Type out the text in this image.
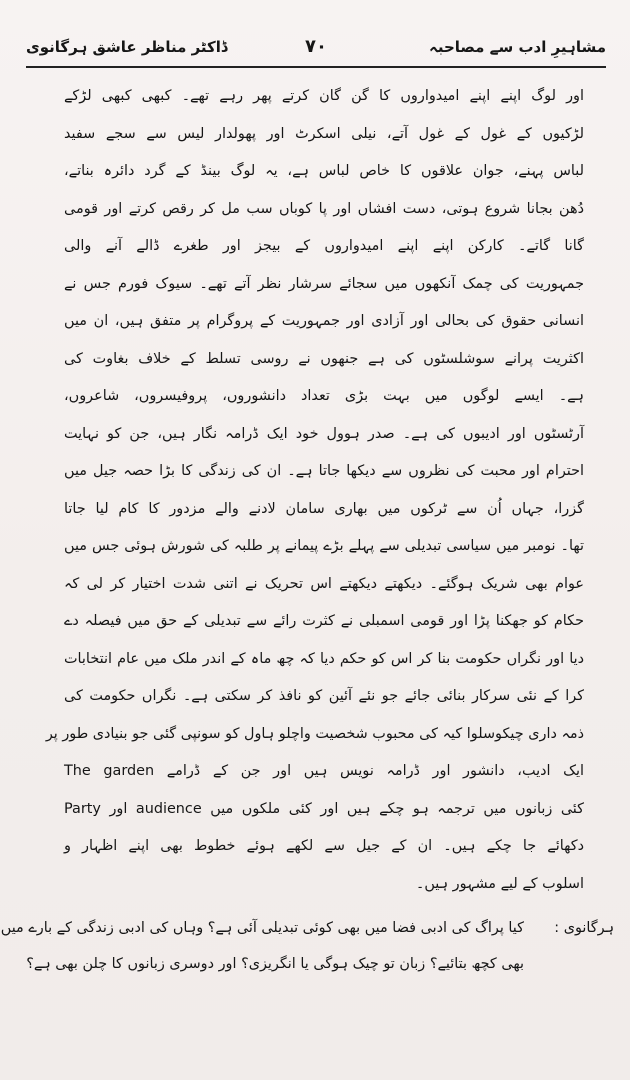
مشاہیرِ ادب سے مصاحبہ
٧٠
ڈاکٹر مناظر عاشق ہرگانوی
اور لوگ اپنے اپنے امیدواروں کا گن گان کرتے پھر رہے تھے۔ کبھی کبھی لڑکے
لڑکیوں کے غول کے غول آتے، نیلی اسکرٹ اور پھولدار لیس سے سجے سفید
لباس پہنے، جوان علاقوں کا خاص لباس ہے، یہ لوگ بینڈ کے گرد دائرہ بناتے،
دُھن بجانا شروع ہوتی، دست افشاں اور پا کوباں سب مل کر رقص کرتے اور قومی
گانا گاتے۔ کارکن اپنے اپنے امیدواروں کے بیجز اور طغرے ڈالے آنے والی
جمہوریت کی چمک آنکھوں میں سجائے سرشار نظر آتے تھے۔ سیوک فورم جس نے
انسانی حقوق کی بحالی اور آزادی اور جمہوریت کے پروگرام پر متفق ہیں، ان میں
اکثریت پرانے سوشلسٹوں کی ہے جنھوں نے روسی تسلط کے خلاف بغاوت کی
ہے۔ ایسے لوگوں میں بہت بڑی تعداد دانشوروں، پروفیسروں، شاعروں،
آرٹسٹوں اور ادیبوں کی ہے۔ صدر ہوول خود ایک ڈرامہ نگار ہیں، جن کو نہایت
احترام اور محبت کی نظروں سے دیکھا جاتا ہے۔ ان کی زندگی کا بڑا حصہ جیل میں
گزرا، جہاں اُن سے ٹرکوں میں بھاری سامان لادنے والے مزدور کا کام لیا جاتا
تھا۔ نومبر میں سیاسی تبدیلی سے پہلے بڑے پیمانے پر طلبہ کی شورش ہوئی جس میں
عوام بھی شریک ہوگئے۔ دیکھتے دیکھتے اس تحریک نے اتنی شدت اختیار کر لی کہ
حکام کو جھکنا پڑا اور قومی اسمبلی نے کثرت رائے سے تبدیلی کے حق میں فیصلہ دے
دیا اور نگراں حکومت بنا کر اس کو حکم دیا کہ چھ ماہ کے اندر ملک میں عام انتخابات
کرا کے نئی سرکار بنائی جائے جو نئے آئین کو نافذ کر سکتی ہے۔ نگراں حکومت کی
ذمہ داری چیکوسلوا کیہ کی محبوب شخصیت واچلو ہاول کو سونپی گئی جو بنیادی طور پر
ایک ادیب، دانشور اور ڈرامہ نویس ہیں اور جن کے ڈرامے The garden
Party اور audience کئی زبانوں میں ترجمہ ہو چکے ہیں اور کئی ملکوں میں
دکھائے جا چکے ہیں۔ ان کے جیل سے لکھے ہوئے خطوط بھی اپنے اظہار و
اسلوب کے لیے مشہور ہیں۔
ہرگانوی :
کیا پراگ کی ادبی فضا میں بھی کوئی تبدیلی آئی ہے؟ وہاں کی ادبی زندگی کے بارے میں
بھی کچھ بتائیے؟ زبان تو چیک ہوگی یا انگریزی؟ اور دوسری زبانوں کا چلن بھی ہے؟
